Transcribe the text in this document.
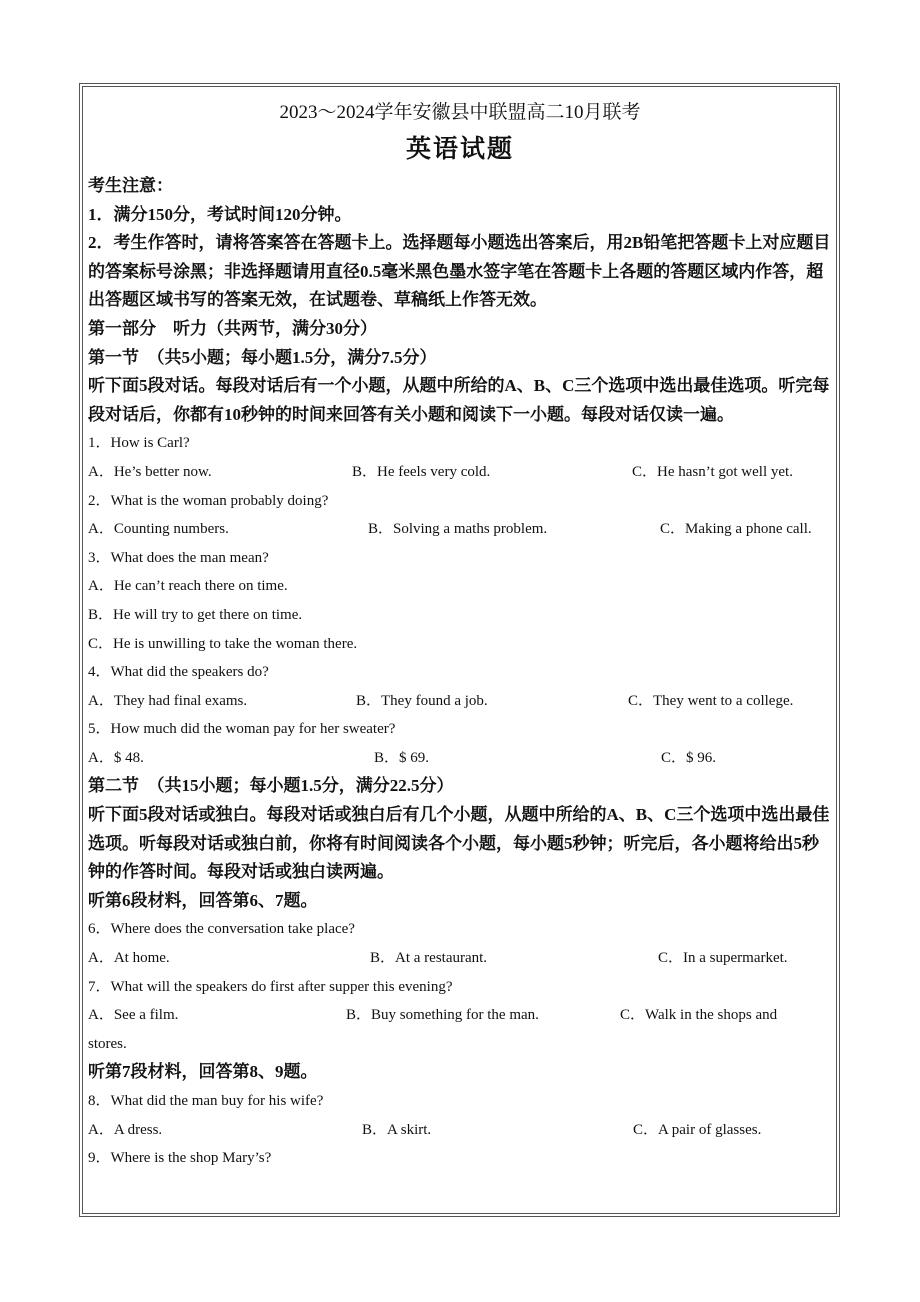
2023～2024学年安徽县中联盟高二10月联考
英语试题
考生注意：
1．满分150分，考试时间120分钟。
2．考生作答时，请将答案答在答题卡上。选择题每小题选出答案后，用2B铅笔把答题卡上对应题目的答案标号涂黑；非选择题请用直径0.5毫米黑色墨水签字笔在答题卡上各题的答题区域内作答，超出答题区域书写的答案无效，在试题卷、草稿纸上作答无效。
第一部分　听力（共两节，满分30分）
第一节　（共5小题；每小题1.5分，满分7.5分）
听下面5段对话。每段对话后有一个小题，从题中所给的A、B、C三个选项中选出最佳选项。听完每段对话后，你都有10秒钟的时间来回答有关小题和阅读下一小题。每段对话仅读一遍。
1．How is Carl?
A．He’s better now.	B．He feels very cold.	C．He hasn’t got well yet.
2．What is the woman probably doing?
A．Counting numbers.	B．Solving a maths problem.	C．Making a phone call.
3．What does the man mean?
A．He can’t reach there on time.
B．He will try to get there on time.
C．He is unwilling to take the woman there.
4．What did the speakers do?
A．They had final exams.	B．They found a job.	C．They went to a college.
5．How much did the woman pay for her sweater?
A．$ 48.	B．$ 69.	C．$ 96.
第二节　（共15小题；每小题1.5分，满分22.5分）
听下面5段对话或独白。每段对话或独白后有几个小题，从题中所给的A、B、C三个选项中选出最佳选项。听每段对话或独白前，你将有时间阅读各个小题，每小题5秒钟；听完后，各小题将给出5秒钟的作答时间。每段对话或独白读两遍。
听第6段材料，回答第6、7题。
6．Where does the conversation take place?
A．At home.	B．At a restaurant.	C．In a supermarket.
7．What will the speakers do first after supper this evening?
A．See a film.	B．Buy something for the man.	C．Walk in the shops and
stores.
听第7段材料，回答第8、9题。
8．What did the man buy for his wife?
A．A dress.	B．A skirt.	C．A pair of glasses.
9．Where is the shop Mary’s?
